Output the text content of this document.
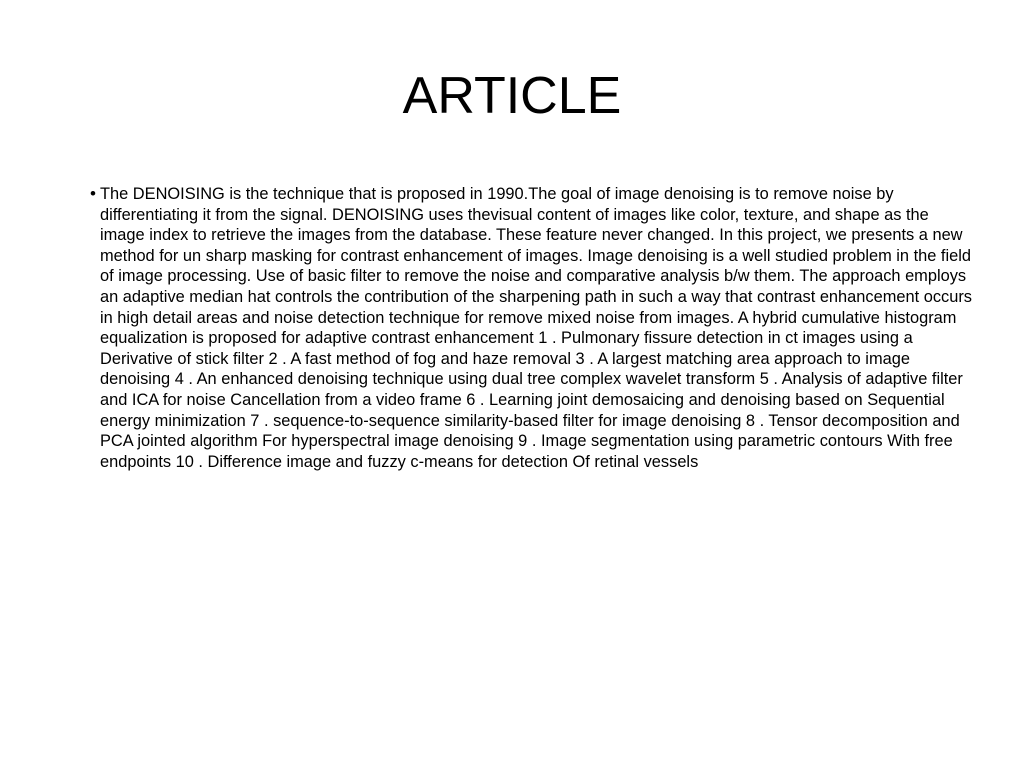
ARTICLE
• The DENOISING is the technique that is proposed in 1990.The goal of image denoising is to remove noise by differentiating it from the signal. DENOISING uses thevisual content of images like color, texture, and shape as the image index to retrieve the images from the database. These feature never changed. In this project, we presents a new method for un sharp masking for contrast enhancement of images. Image denoising is a well studied problem in the field of image processing. Use of basic filter to remove the noise and comparative analysis b/w them. The approach employs an adaptive median hat controls the contribution of the sharpening path in such a way that contrast enhancement occurs in high detail areas and noise detection technique for remove mixed noise from images. A hybrid cumulative histogram equalization is proposed for adaptive contrast enhancement 1 . Pulmonary fissure detection in ct images using a Derivative of stick filter 2 . A fast method of fog and haze removal 3 . A largest matching area approach to image denoising 4 . An enhanced denoising technique using dual tree complex wavelet transform 5 . Analysis of adaptive filter and ICA for noise Cancellation from a video frame 6 . Learning joint demosaicing and denoising based on Sequential energy minimization 7 . sequence-to-sequence similarity-based filter for image denoising 8 . Tensor decomposition and PCA jointed algorithm For hyperspectral image denoising 9 . Image segmentation using parametric contours With free endpoints 10 . Difference image and fuzzy c-means for detection Of retinal vessels
